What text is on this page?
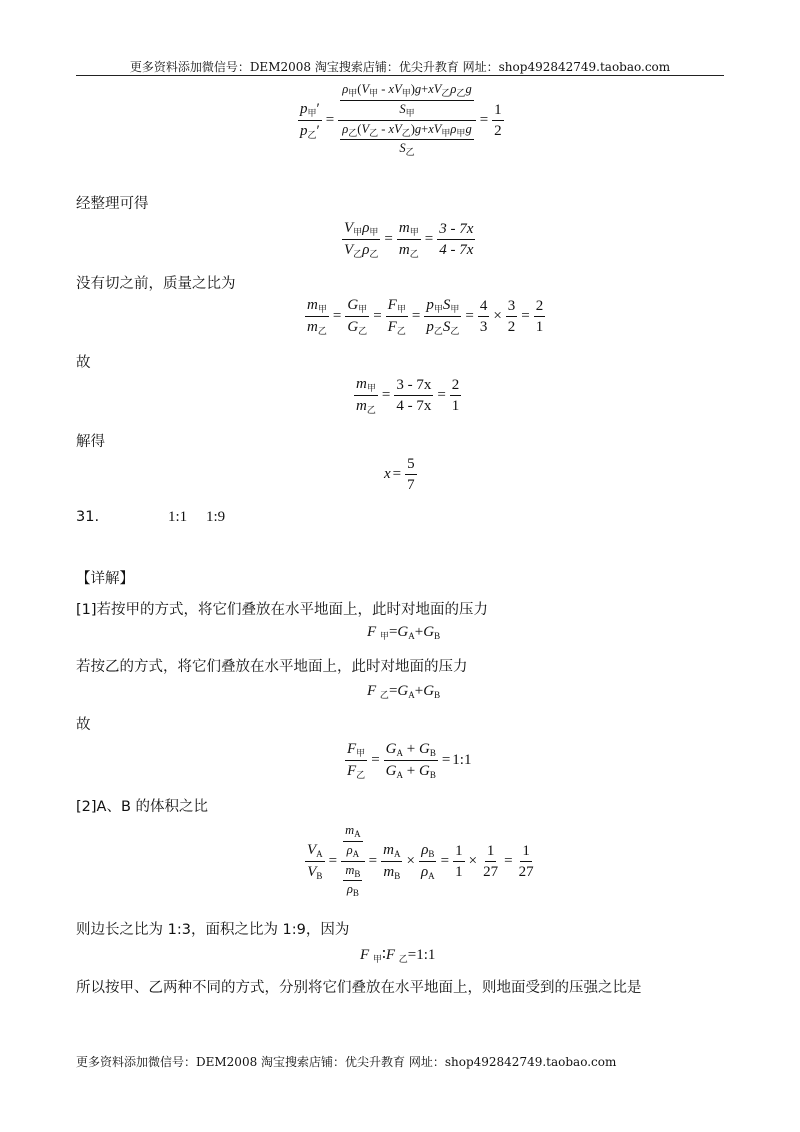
更多资料添加微信号：DEM2008 淘宝搜索店铺：优尖升教育 网址：shop492842749.taobao.com
$\frac{p_甲'}{p_乙'} = \frac{\frac{\rho_甲(V_甲 - xV_甲)g+xV_乙\rho_乙g}{S_甲}}{\frac{\rho_乙(V_乙 - xV_乙)g+xV_甲\rho_甲g}{S_乙}} = \frac{1}{2}$
经整理可得
$\frac{V_甲\rho_甲}{V_乙\rho_乙} = \frac{m_甲}{m_乙} = \frac{3 - 7x}{4 - 7x}$
没有切之前，质量之比为
$\frac{m_甲}{m_乙} = \frac{G_甲}{G_乙} = \frac{F_甲}{F_乙} = \frac{p_甲S_甲}{p_乙S_乙} = \frac{4}{3} \times \frac{3}{2} = \frac{2}{1}$
故
$\frac{m_甲}{m_乙} = \frac{3 - 7x}{4 - 7x} = \frac{2}{1}$
解得
$x = \frac{5}{7}$
31.	1:1 1:9
【详解】
[1]若按甲的方式，将它们叠放在水平地面上，此时对地面的压力
F $_甲=G_A+G_B$
若按乙的方式，将它们叠放在水平地面上，此时对地面的压力
F $_乙=G_A+G_B$
故
$\frac{F_甲}{F_乙} = \frac{G_A + G_B}{G_A + G_B}$ = 1:1
[2]A、B 的体积之比
$\frac{V_A}{V_B} = \frac{\frac{m_A}{\rho_A}}{\frac{m_B}{\rho_B}} = \frac{m_A}{m_B} \times \frac{\rho_B}{\rho_A} = \frac{1}{1} \times \frac{1}{27} = \frac{1}{27}$
则边长之比为 1:3，面积之比为 1:9，因为
F $_甲$∶F $_乙$=1:1
所以按甲、乙两种不同的方式，分别将它们叠放在水平地面上，则地面受到的压强之比是
更多资料添加微信号：DEM2008 淘宝搜索店铺：优尖升教育 网址：shop492842749.taobao.com
